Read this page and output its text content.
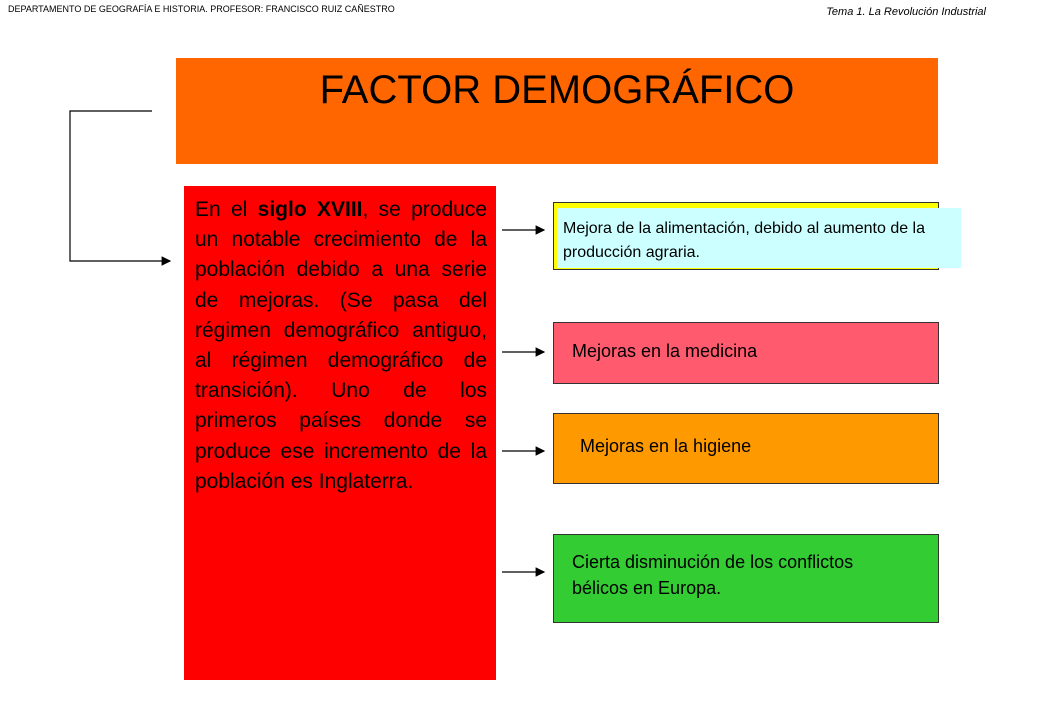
DEPARTAMENTO DE GEOGRAFÍA E HISTORIA. PROFESOR: FRANCISCO RUIZ CAÑESTRO	Tema 1. La Revolución Industrial
FACTOR DEMOGRÁFICO
En el siglo XVIII, se produce un notable crecimiento de la población debido a una serie de mejoras. (Se pasa del régimen demográfico antiguo, al régimen demográfico de transición). Uno de los primeros países donde se produce ese incremento de la población es Inglaterra.
Mejora de la alimentación, debido al aumento de la producción agraria.
Mejoras en la medicina
Mejoras en la higiene
Cierta disminución de los conflictos bélicos en Europa.
